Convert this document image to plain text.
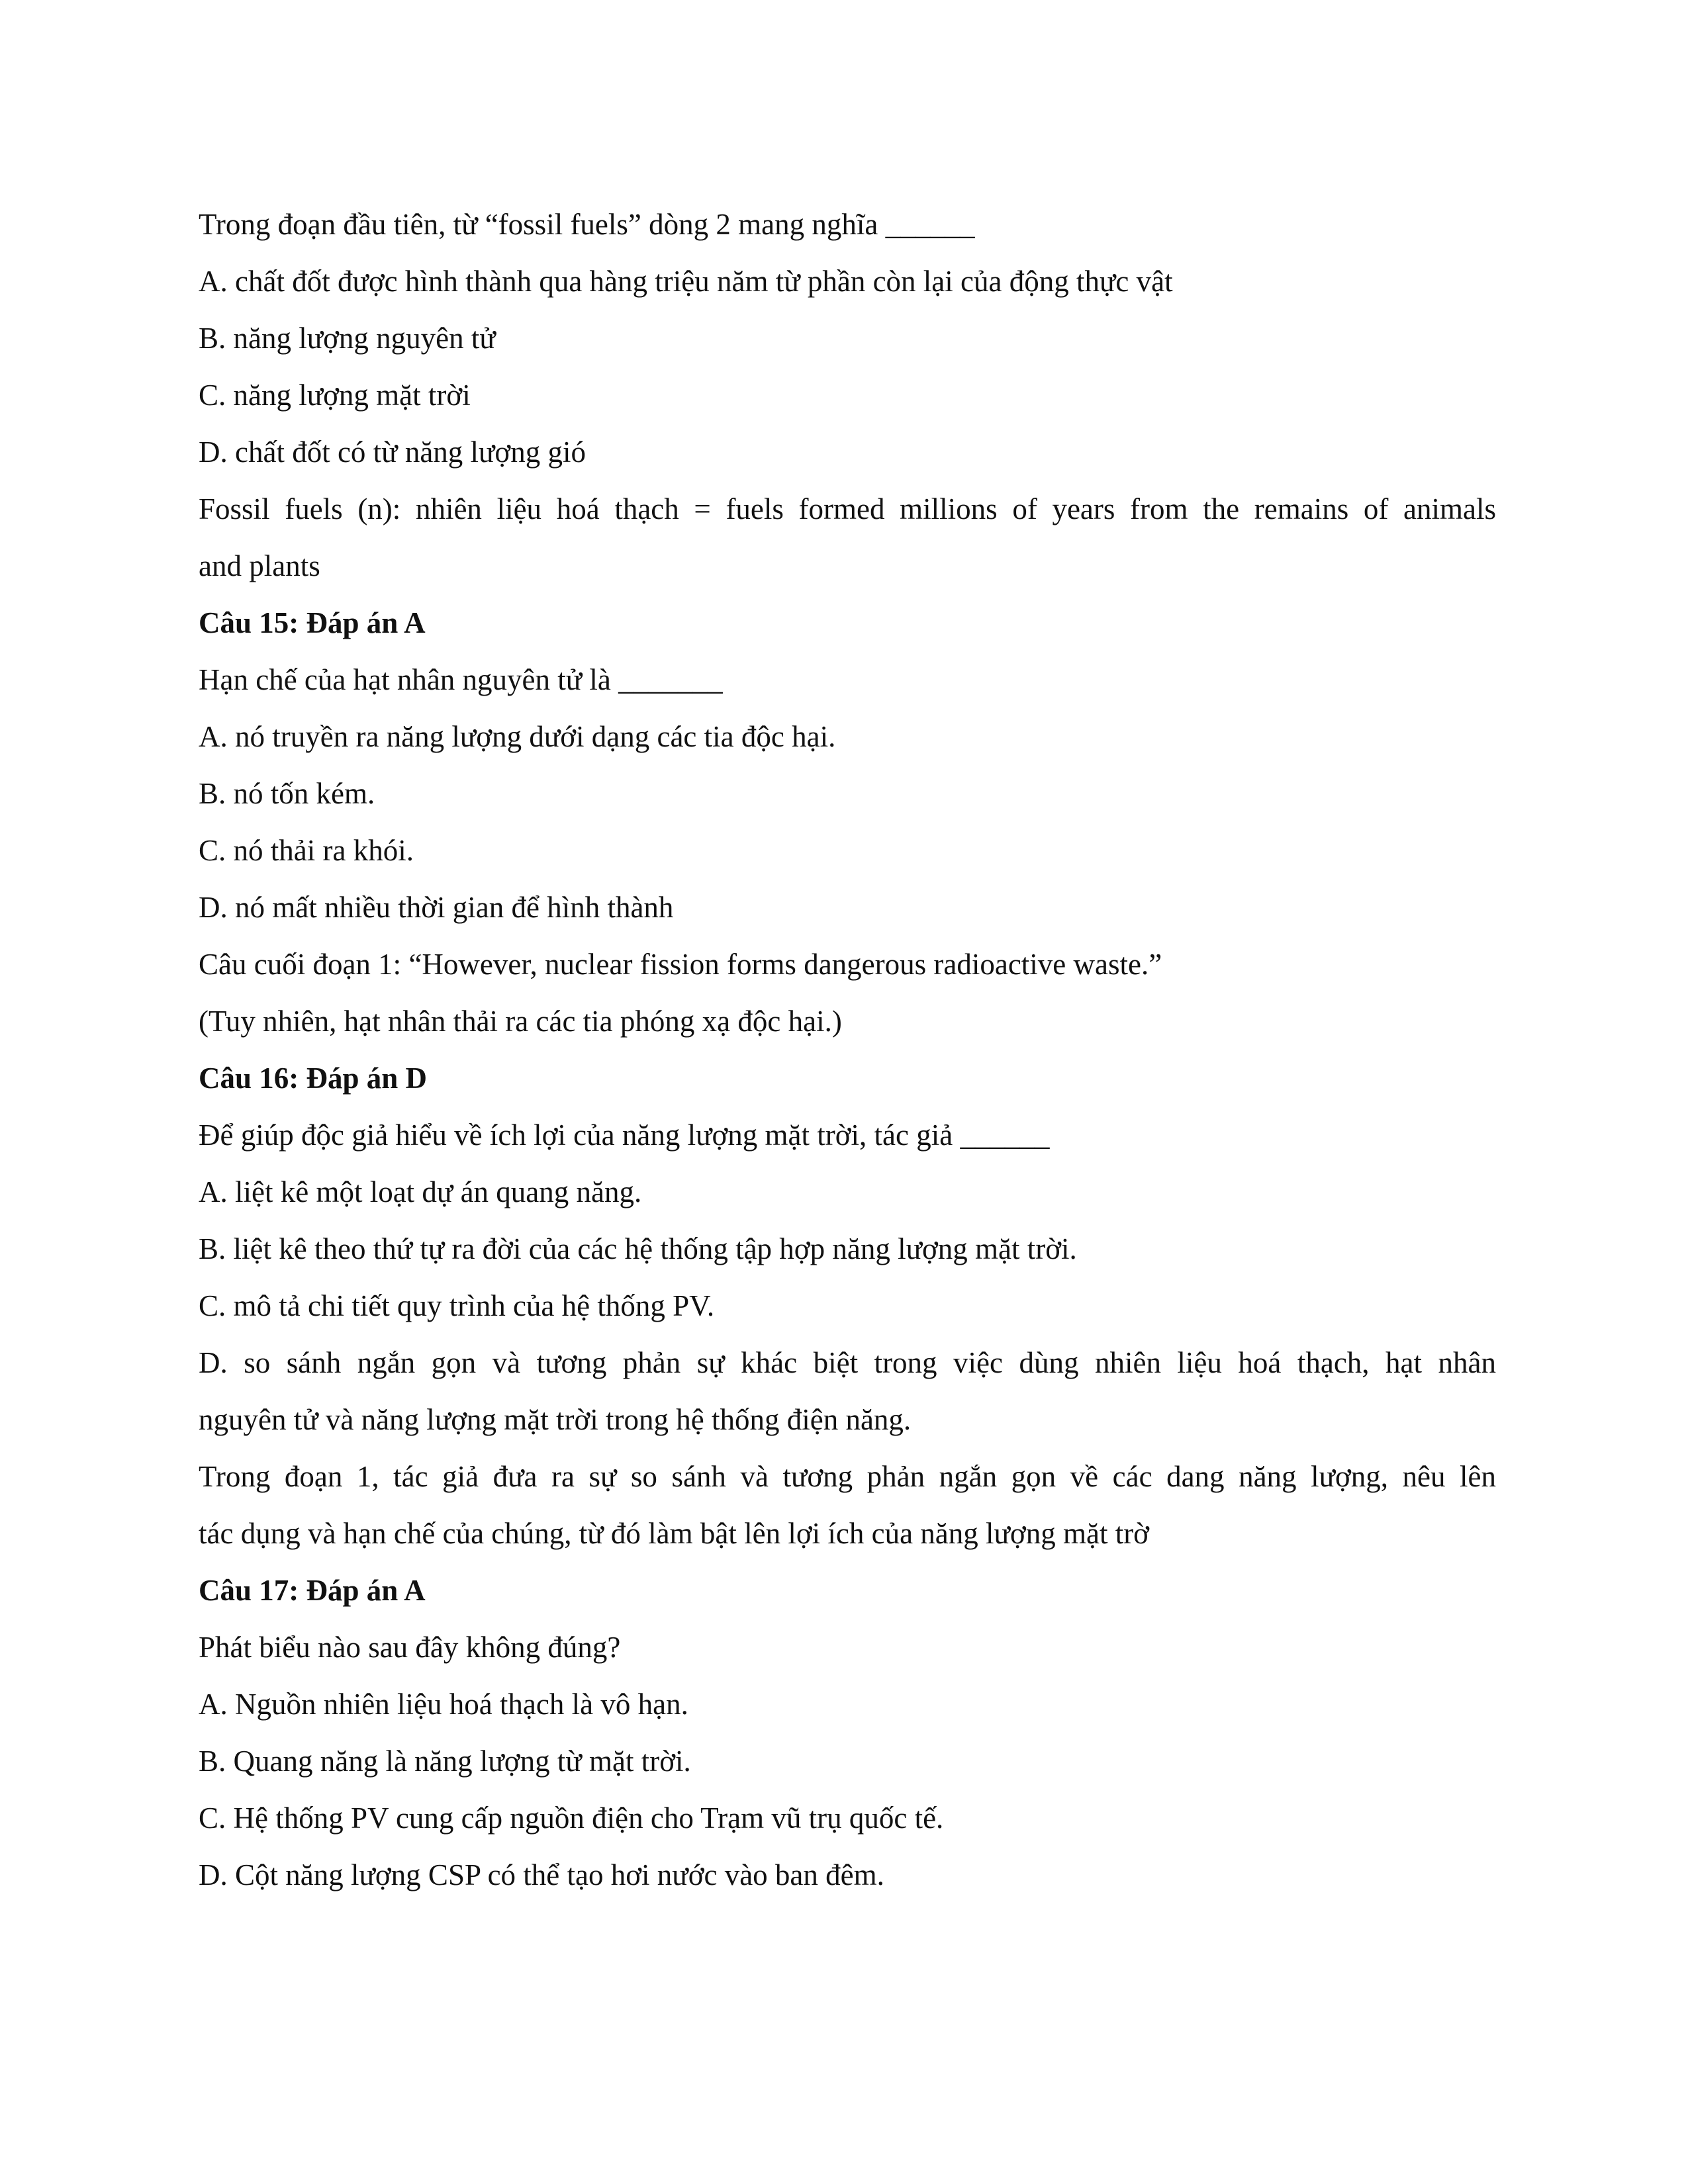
Trong đoạn đầu tiên, từ “fossil fuels” dòng 2 mang nghĩa ______

A. chất đốt được hình thành qua hàng triệu năm từ phần còn lại của động thực vật

B. năng lượng nguyên tử

C. năng lượng mặt trời

D. chất đốt có từ năng lượng gió

Fossil fuels (n): nhiên liệu hoá thạch = fuels formed millions of years from the remains of animals

and plants

Câu 15: Đáp án A

Hạn chế của hạt nhân nguyên tử là _______

A. nó truyền ra năng lượng dưới dạng các tia độc hại.

B. nó tốn kém.

C. nó thải ra khói.

D. nó mất nhiều thời gian để hình thành

Câu cuối đoạn 1: “However, nuclear fission forms dangerous radioactive waste.”

(Tuy nhiên, hạt nhân thải ra các tia phóng xạ độc hại.)

Câu 16: Đáp án D

Để giúp độc giả hiểu về ích lợi của năng lượng mặt trời, tác giả ______

A. liệt kê một loạt dự án quang năng.

B. liệt kê theo thứ tự ra đời của các hệ thống tập hợp năng lượng mặt trời.

C. mô tả chi tiết quy trình của hệ thống PV.

D. so sánh ngắn gọn và tương phản sự khác biệt trong việc dùng nhiên liệu hoá thạch, hạt nhân

nguyên tử và năng lượng mặt trời trong hệ thống điện năng.

Trong đoạn 1, tác giả đưa ra sự so sánh và tương phản ngắn gọn về các dang năng lượng, nêu lên

tác dụng và hạn chế của chúng, từ đó làm bật lên lợi ích của năng lượng mặt trờ

Câu 17: Đáp án A

Phát biểu nào sau đây không đúng?

A. Nguồn nhiên liệu hoá thạch là vô hạn.

B. Quang năng là năng lượng từ mặt trời.

C. Hệ thống PV cung cấp nguồn điện cho Trạm vũ trụ quốc tế.

D. Cột năng lượng CSP có thể tạo hơi nước vào ban đêm.
